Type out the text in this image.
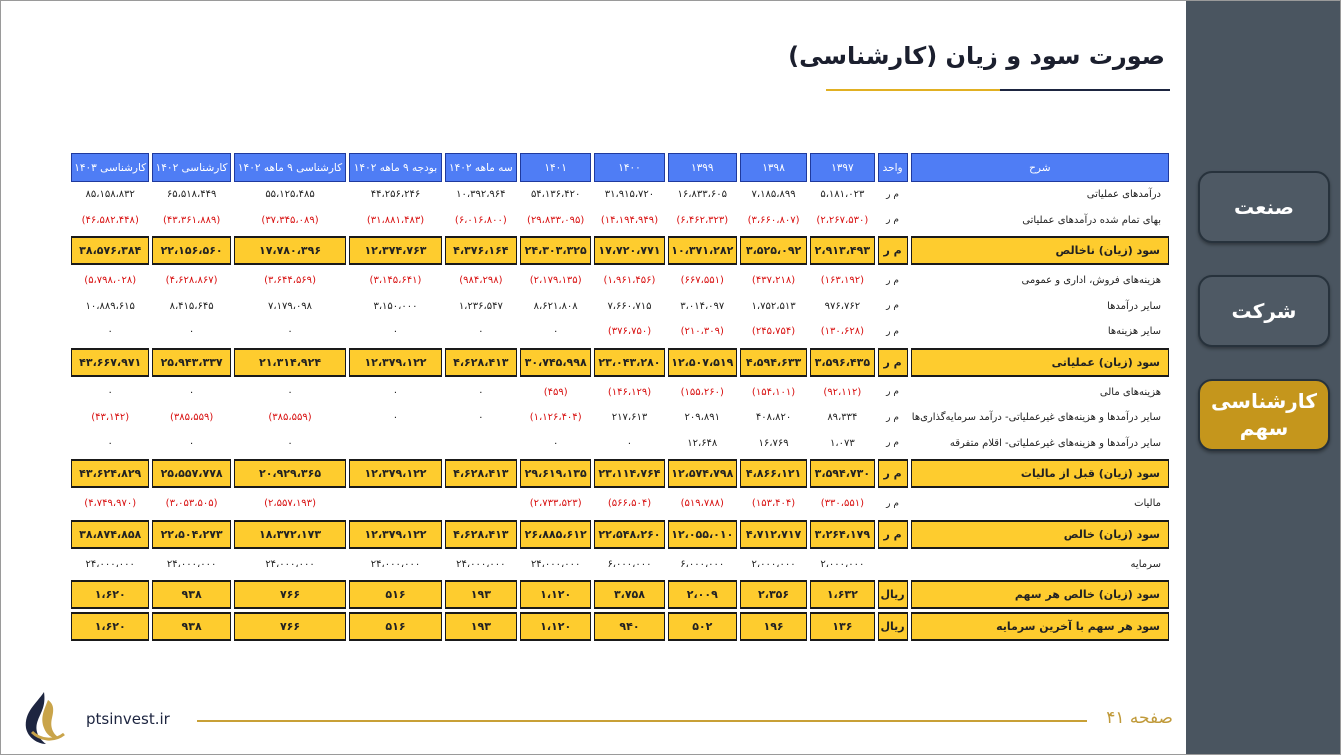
صورت سود و زیان (کارشناسی)
شرح	واحد	۱۳۹۷	۱۳۹۸	۱۳۹۹	۱۴۰۰	۱۴۰۱	سه ماهه ۱۴۰۲	بودجه ۹ ماهه ۱۴۰۲	کارشناسی ۹ ماهه ۱۴۰۲	کارشناسی ۱۴۰۲	کارشناسی ۱۴۰۳
درآمدهای عملیاتی	م ر	۵،۱۸۱،۰۲۳	۷،۱۸۵،۸۹۹	۱۶،۸۳۳،۶۰۵	۳۱،۹۱۵،۷۲۰	۵۴،۱۳۶،۴۲۰	۱۰،۳۹۲،۹۶۴	۴۴،۲۵۶،۲۴۶	۵۵،۱۲۵،۴۸۵	۶۵،۵۱۸،۴۴۹	۸۵،۱۵۸،۸۳۲
بهای تمام شده درآمدهای عملیاتی	م ر	(۲،۲۶۷،۵۳۰)	(۳،۶۶۰،۸۰۷)	(۶،۴۶۲،۳۲۳)	(۱۴،۱۹۴،۹۴۹)	(۲۹،۸۳۳،۰۹۵)	(۶،۰۱۶،۸۰۰)	(۳۱،۸۸۱،۴۸۳)	(۳۷،۳۴۵،۰۸۹)	(۴۳،۳۶۱،۸۸۹)	(۴۶،۵۸۲،۴۴۸)

سود (زیان) ناخالص	م ر	۲،۹۱۳،۴۹۳	۳،۵۲۵،۰۹۲	۱۰،۳۷۱،۲۸۲	۱۷،۷۲۰،۷۷۱	۲۴،۳۰۳،۳۲۵	۴،۳۷۶،۱۶۴	۱۲،۳۷۴،۷۶۳	۱۷،۷۸۰،۳۹۶	۲۲،۱۵۶،۵۶۰	۳۸،۵۷۶،۳۸۴

هزینه‌های فروش، اداری و عمومی	م ر	(۱۶۳،۱۹۲)	(۴۳۷،۲۱۸)	(۶۶۷،۵۵۱)	(۱،۹۶۱،۴۵۶)	(۲،۱۷۹،۱۳۵)	(۹۸۴،۲۹۸)	(۳،۱۴۵،۶۴۱)	(۳،۶۴۴،۵۶۹)	(۴،۶۲۸،۸۶۷)	(۵،۷۹۸،۰۲۸)
سایر درآمدها	م ر	۹۷۶،۷۶۲	۱،۷۵۲،۵۱۳	۳،۰۱۴،۰۹۷	۷،۶۶۰،۷۱۵	۸،۶۲۱،۸۰۸	۱،۲۳۶،۵۴۷	۳،۱۵۰،۰۰۰	۷،۱۷۹،۰۹۸	۸،۴۱۵،۶۴۵	۱۰،۸۸۹،۶۱۵
سایر هزینه‌ها	م ر	(۱۳۰،۶۲۸)	(۲۴۵،۷۵۴)	(۲۱۰،۳۰۹)	(۳۷۶،۷۵۰)	۰	۰	۰	۰	۰	۰

سود (زیان) عملیاتی	م ر	۳،۵۹۶،۴۳۵	۴،۵۹۴،۶۳۳	۱۲،۵۰۷،۵۱۹	۲۳،۰۴۳،۲۸۰	۳۰،۷۴۵،۹۹۸	۴،۶۲۸،۴۱۳	۱۲،۳۷۹،۱۲۲	۲۱،۳۱۴،۹۲۴	۲۵،۹۴۳،۳۳۷	۴۳،۶۶۷،۹۷۱

هزینه‌های مالی	م ر	(۹۲،۱۱۲)	(۱۵۴،۱۰۱)	(۱۵۵،۲۶۰)	(۱۴۶،۱۲۹)	(۴۵۹)	۰	۰	۰	۰	۰
سایر درآمدها و هزینه‌های غیرعملیاتی- درآمد سرمایه‌گذاری‌ها	م ر	۸۹،۳۳۴	۴۰۸،۸۲۰	۲۰۹،۸۹۱	۲۱۷،۶۱۳	(۱،۱۲۶،۴۰۴)	۰	۰	(۳۸۵،۵۵۹)	(۳۸۵،۵۵۹)	(۴۳،۱۴۲)
سایر درآمدها و هزینه‌های غیرعملیاتی- اقلام متفرقه	م ر	۱،۰۷۳	۱۶،۷۶۹	۱۲،۶۴۸	۰	۰			۰	۰	۰

سود (زیان) قبل از مالیات	م ر	۳،۵۹۴،۷۳۰	۴،۸۶۶،۱۲۱	۱۲،۵۷۴،۷۹۸	۲۳،۱۱۴،۷۶۴	۲۹،۶۱۹،۱۳۵	۴،۶۲۸،۴۱۳	۱۲،۳۷۹،۱۲۲	۲۰،۹۲۹،۳۶۵	۲۵،۵۵۷،۷۷۸	۴۳،۶۲۴،۸۲۹

مالیات	م ر	(۳۳۰،۵۵۱)	(۱۵۳،۴۰۴)	(۵۱۹،۷۸۸)	(۵۶۶،۵۰۴)	(۲،۷۳۳،۵۲۳)			(۲،۵۵۷،۱۹۳)	(۳،۰۵۳،۵۰۵)	(۴،۷۴۹،۹۷۰)

سود (زیان) خالص	م ر	۳،۲۶۴،۱۷۹	۴،۷۱۲،۷۱۷	۱۲،۰۵۵،۰۱۰	۲۲،۵۴۸،۲۶۰	۲۶،۸۸۵،۶۱۲	۴،۶۲۸،۴۱۳	۱۲،۳۷۹،۱۲۲	۱۸،۳۷۲،۱۷۳	۲۲،۵۰۴،۲۷۳	۳۸،۸۷۴،۸۵۸

سرمایه		۲،۰۰۰،۰۰۰	۲،۰۰۰،۰۰۰	۶،۰۰۰،۰۰۰	۶،۰۰۰،۰۰۰	۲۴،۰۰۰،۰۰۰	۲۴،۰۰۰،۰۰۰	۲۴،۰۰۰،۰۰۰	۲۴،۰۰۰،۰۰۰	۲۴،۰۰۰،۰۰۰	۲۴،۰۰۰،۰۰۰

سود (زیان) خالص هر سهم	ریال	۱،۶۳۲	۲،۳۵۶	۲،۰۰۹	۳،۷۵۸	۱،۱۲۰	۱۹۳	۵۱۶	۷۶۶	۹۳۸	۱،۶۲۰

سود هر سهم با آخرین سرمایه	ریال	۱۳۶	۱۹۶	۵۰۲	۹۴۰	۱،۱۲۰	۱۹۳	۵۱۶	۷۶۶	۹۳۸	۱،۶۲۰
صنعت
شرکت
کارشناسی
سهم
ptsinvest.ir	صفحه ۴۱
